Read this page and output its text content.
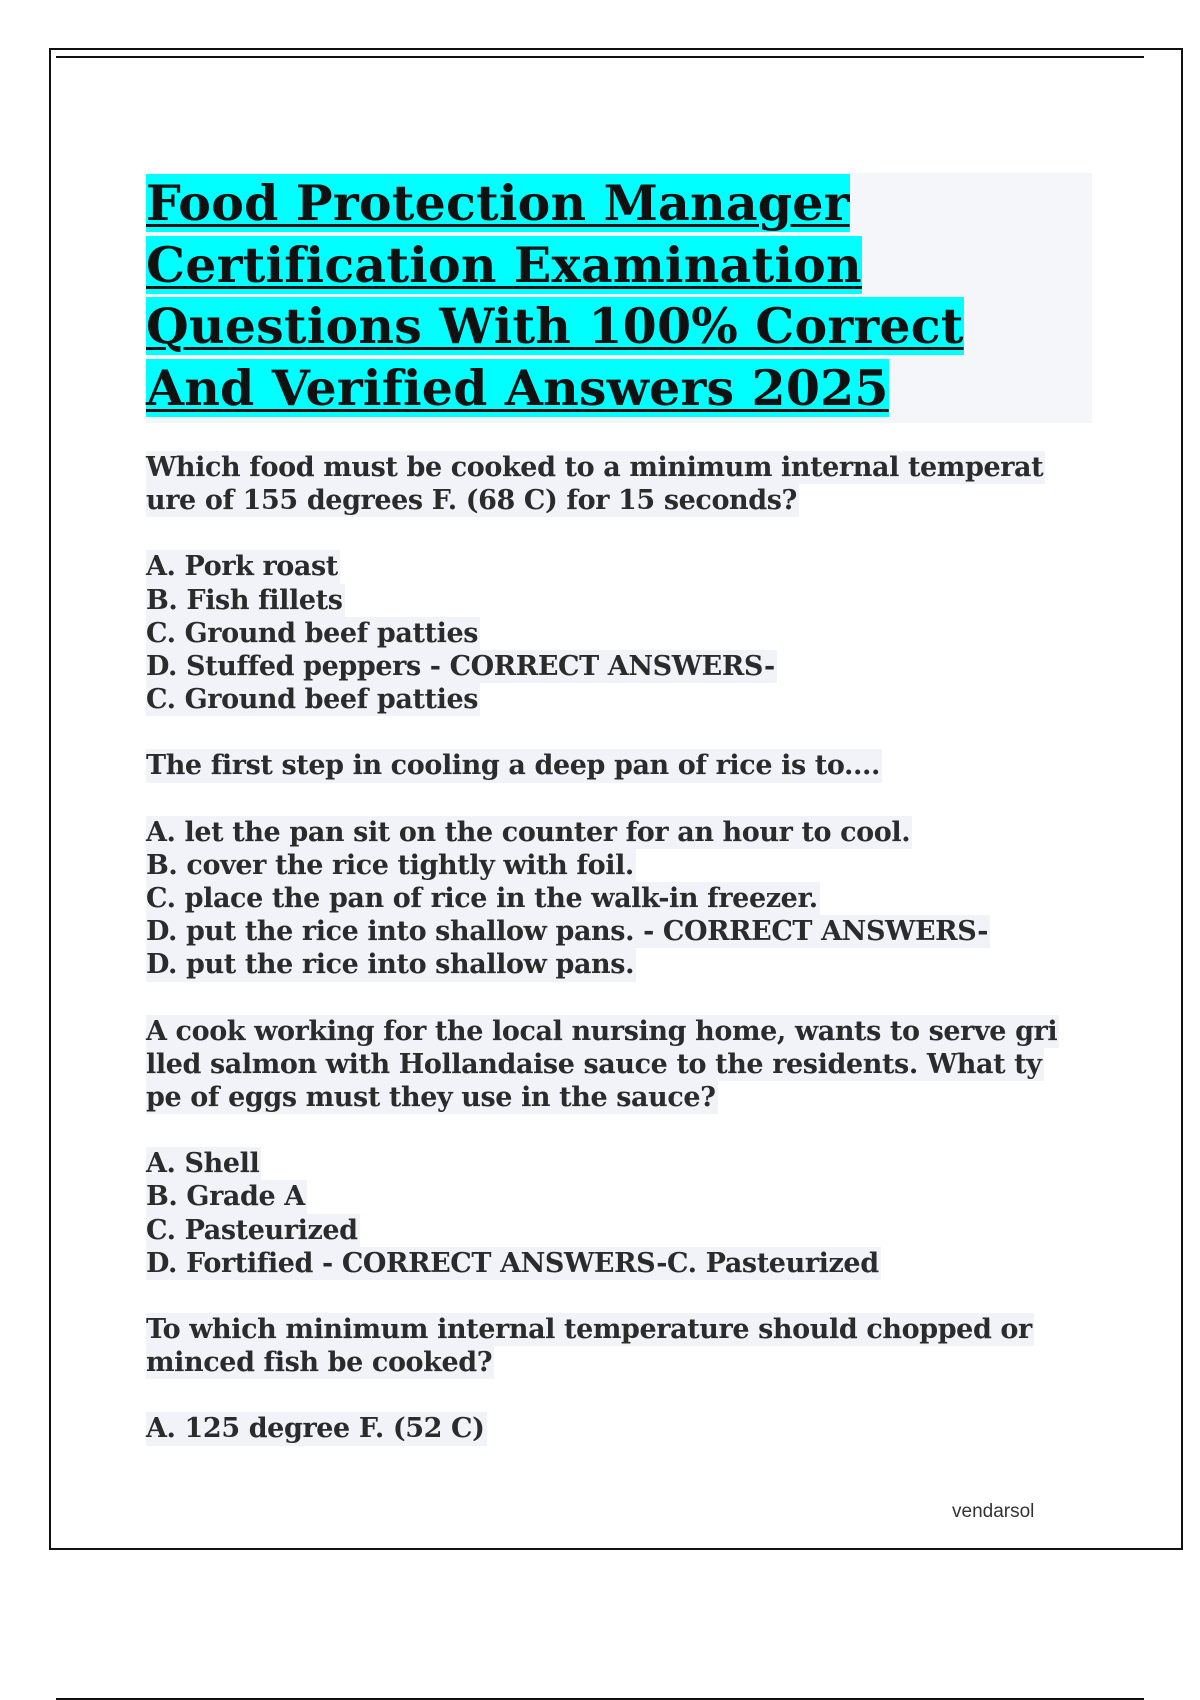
Food Protection Manager
Certification Examination
Questions With 100% Correct
And Verified Answers 2025
Which food must be cooked to a minimum internal temperat
ure of 155 degrees F. (68 C) for 15 seconds?
A. Pork roast
B. Fish fillets
C. Ground beef patties
D. Stuffed peppers - CORRECT ANSWERS-
C. Ground beef patties
The first step in cooling a deep pan of rice is to....
A. let the pan sit on the counter for an hour to cool.
B. cover the rice tightly with foil.
C. place the pan of rice in the walk-in freezer.
D. put the rice into shallow pans. - CORRECT ANSWERS-
D. put the rice into shallow pans.
A cook working for the local nursing home, wants to serve gri
lled salmon with Hollandaise sauce to the residents. What ty
pe of eggs must they use in the sauce?
A. Shell
B. Grade A
C. Pasteurized
D. Fortified - CORRECT ANSWERS-C. Pasteurized
To which minimum internal temperature should chopped or
minced fish be cooked?
A. 125 degree F. (52 C)
vendarsol
